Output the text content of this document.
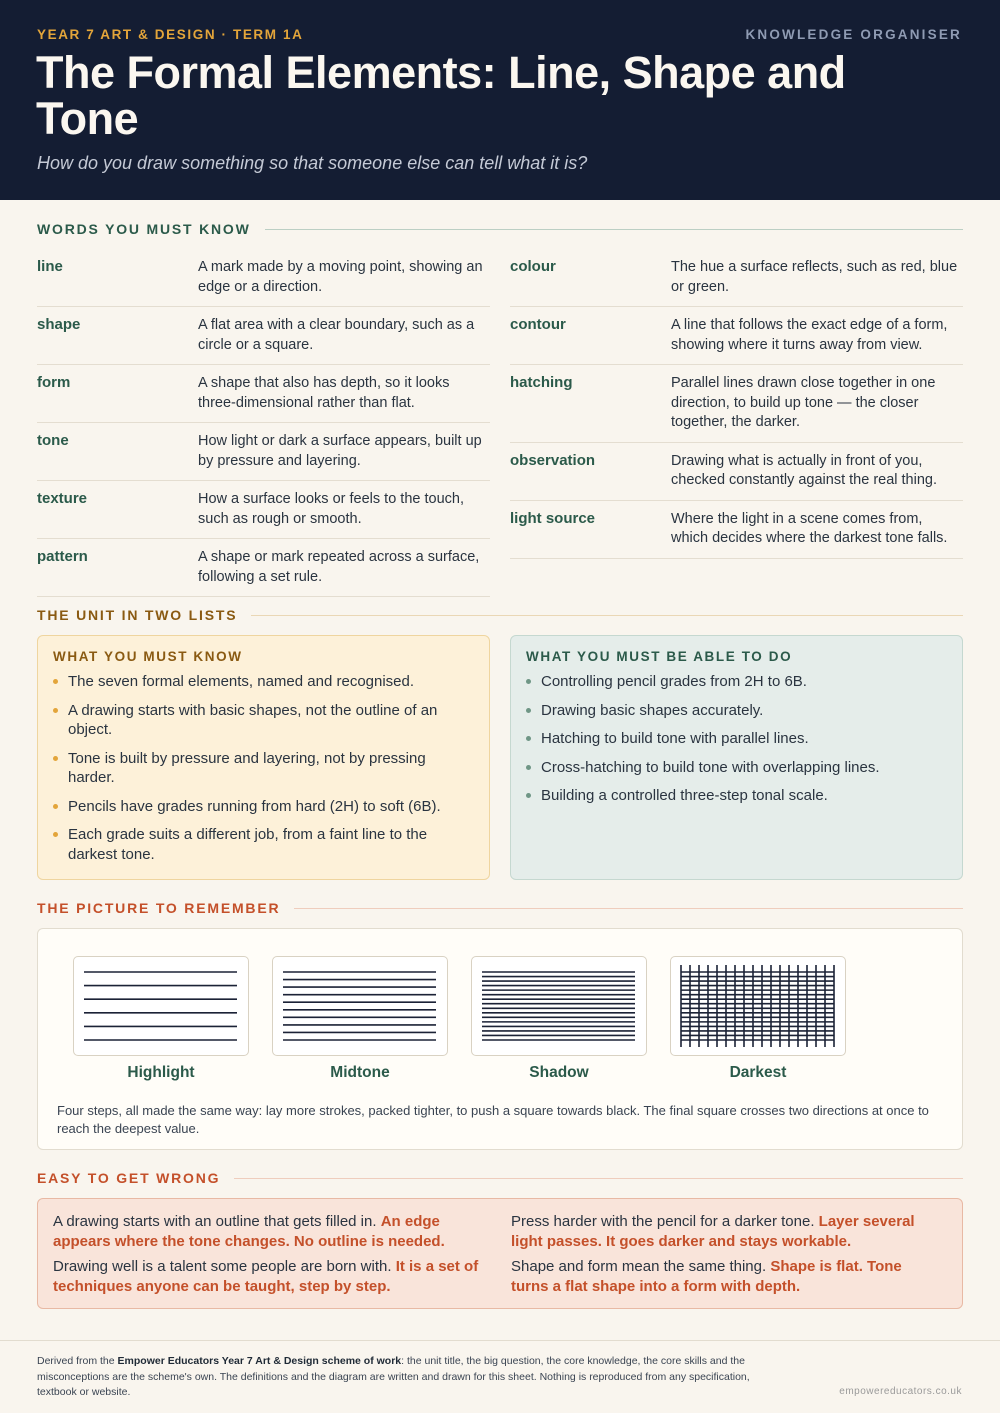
YEAR 7 ART & DESIGN · TERM 1A	KNOWLEDGE ORGANISER
The Formal Elements: Line, Shape and Tone
How do you draw something so that someone else can tell what it is?
WORDS YOU MUST KNOW
line	A mark made by a moving point, showing an edge or a direction.
shape	A flat area with a clear boundary, such as a circle or a square.
form	A shape that also has depth, so it looks three-dimensional rather than flat.
tone	How light or dark a surface appears, built up by pressure and layering.
texture	How a surface looks or feels to the touch, such as rough or smooth.
pattern	A shape or mark repeated across a surface, following a set rule.
colour	The hue a surface reflects, such as red, blue or green.
contour	A line that follows the exact edge of a form, showing where it turns away from view.
hatching	Parallel lines drawn close together in one direction, to build up tone — the closer together, the darker.
observation	Drawing what is actually in front of you, checked constantly against the real thing.
light source	Where the light in a scene comes from, which decides where the darkest tone falls.
THE UNIT IN TWO LISTS
WHAT YOU MUST KNOW
The seven formal elements, named and recognised.
A drawing starts with basic shapes, not the outline of an object.
Tone is built by pressure and layering, not by pressing harder.
Pencils have grades running from hard (2H) to soft (6B).
Each grade suits a different job, from a faint line to the darkest tone.
WHAT YOU MUST BE ABLE TO DO
Controlling pencil grades from 2H to 6B.
Drawing basic shapes accurately.
Hatching to build tone with parallel lines.
Cross-hatching to build tone with overlapping lines.
Building a controlled three-step tonal scale.
THE PICTURE TO REMEMBER
Four steps, all made the same way: lay more strokes, packed tighter, to push a square towards black. The final square crosses two directions at once to reach the deepest value.
Highlight	Midtone	Shadow	Darkest
EASY TO GET WRONG
A drawing starts with an outline that gets filled in. An edge appears where the tone changes. No outline is needed.
Drawing well is a talent some people are born with. It is a set of techniques anyone can be taught, step by step.
Press harder with the pencil for a darker tone. Layer several light passes. It goes darker and stays workable.
Shape and form mean the same thing. Shape is flat. Tone turns a flat shape into a form with depth.
Derived from the Empower Educators Year 7 Art & Design scheme of work: the unit title, the big question, the core knowledge, the core skills and the misconceptions are the scheme's own. The definitions and the diagram are written and drawn for this sheet. Nothing is reproduced from any specification, textbook or website.	empowereducators.co.uk
